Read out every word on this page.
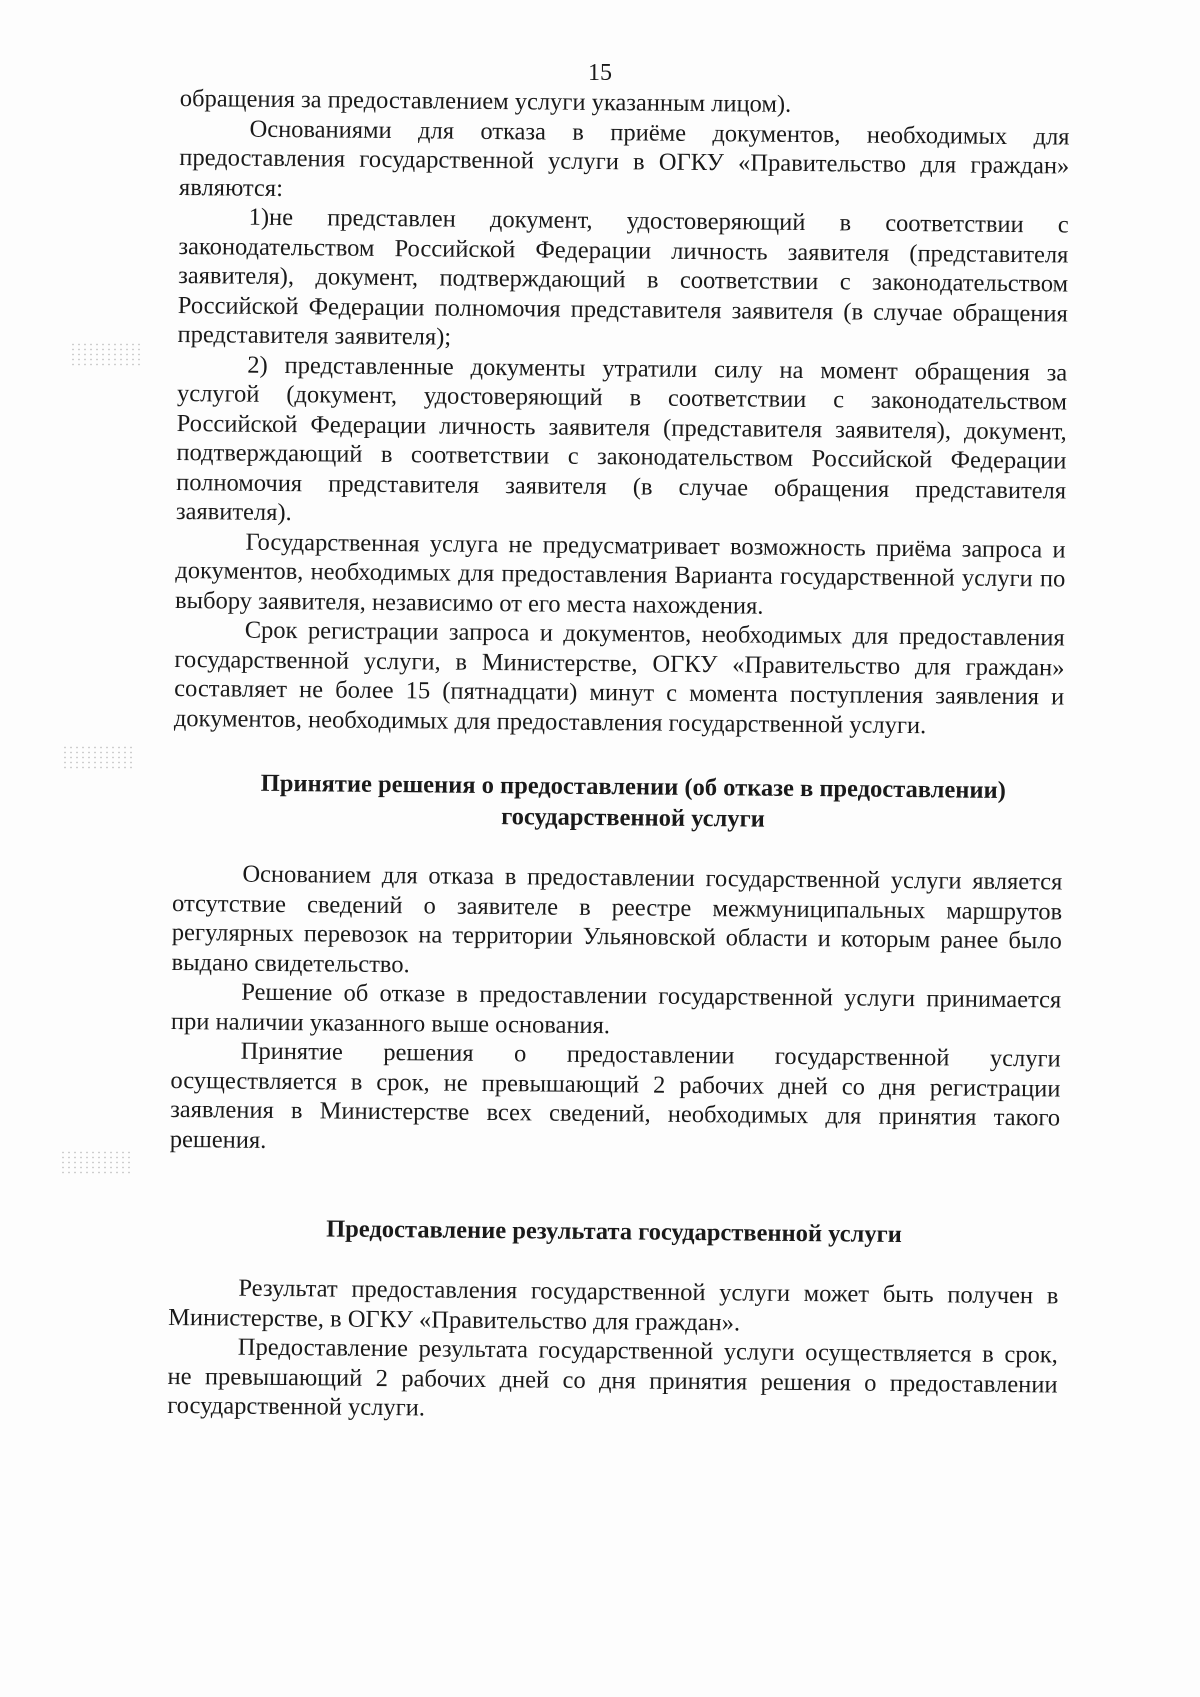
15

обращения за предоставлением услуги указанным лицом).

Основаниями для отказа в приёме документов, необходимых для предоставления государственной услуги в ОГКУ «Правительство для граждан» являются:

1)не представлен документ, удостоверяющий в соответствии с законодательством Российской Федерации личность заявителя (представителя заявителя), документ, подтверждающий в соответствии с законодательством Российской Федерации полномочия представителя заявителя (в случае обращения представителя заявителя);

2) представленные документы утратили силу на момент обращения за услугой (документ, удостоверяющий в соответствии с законодательством Российской Федерации личность заявителя (представителя заявителя), документ, подтверждающий в соответствии с законодательством Российской Федерации полномочия представителя заявителя (в случае обращения представителя заявителя).

Государственная услуга не предусматривает возможность приёма запроса и документов, необходимых для предоставления Варианта государственной услуги по выбору заявителя, независимо от его места нахождения.

Срок регистрации запроса и документов, необходимых для предоставления государственной услуги, в Министерстве, ОГКУ «Правительство для граждан» составляет не более 15 (пятнадцати) минут с момента поступления заявления и документов, необходимых для предоставления государственной услуги.

Принятие решения о предоставлении (об отказе в предоставлении)

государственной услуги

Основанием для отказа в предоставлении государственной услуги является отсутствие сведений о заявителе в реестре межмуниципальных маршрутов регулярных перевозок на территории Ульяновской области и которым ранее было выдано свидетельство.

Решение об отказе в предоставлении государственной услуги принимается при наличии указанного выше основания.

Принятие решения о предоставлении государственной услуги осуществляется в срок, не превышающий 2 рабочих дней со дня регистрации заявления в Министерстве всех сведений, необходимых для принятия такого решения.

Предоставление результата государственной услуги

Результат предоставления государственной услуги может быть получен в Министерстве, в ОГКУ «Правительство для граждан».

Предоставление результата государственной услуги осуществляется в срок, не превышающий 2 рабочих дней со дня принятия решения о предоставлении государственной услуги.
